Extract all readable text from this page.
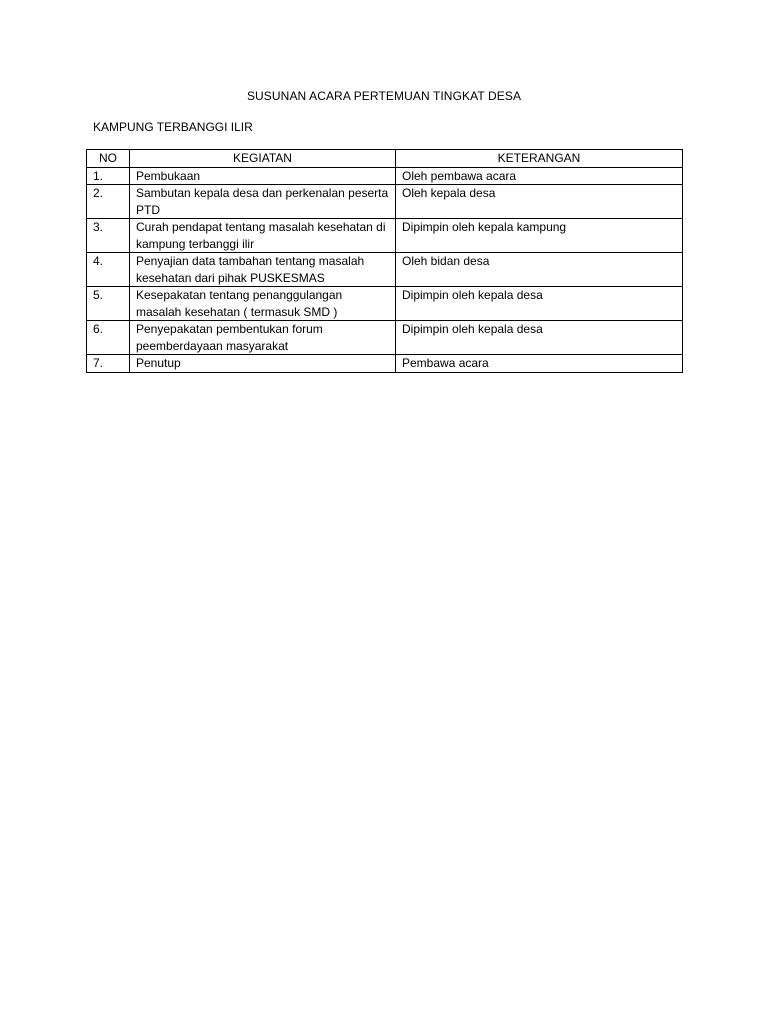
SUSUNAN ACARA PERTEMUAN TINGKAT DESA
KAMPUNG TERBANGGI ILIR
NO	KEGIATAN	KETERANGAN
1.	Pembukaan	Oleh pembawa acara
2.	Sambutan kepala desa dan perkenalan peserta PTD	Oleh kepala desa
3.	Curah pendapat tentang masalah kesehatan di kampung terbanggi ilir	Dipimpin oleh kepala kampung
4.	Penyajian data tambahan tentang masalah kesehatan dari pihak PUSKESMAS	Oleh bidan desa
5.	Kesepakatan tentang penanggulangan masalah kesehatan ( termasuk SMD )	Dipimpin oleh kepala desa
6.	Penyepakatan pembentukan forum peemberdayaan masyarakat	Dipimpin oleh kepala desa
7.	Penutup	Pembawa acara
